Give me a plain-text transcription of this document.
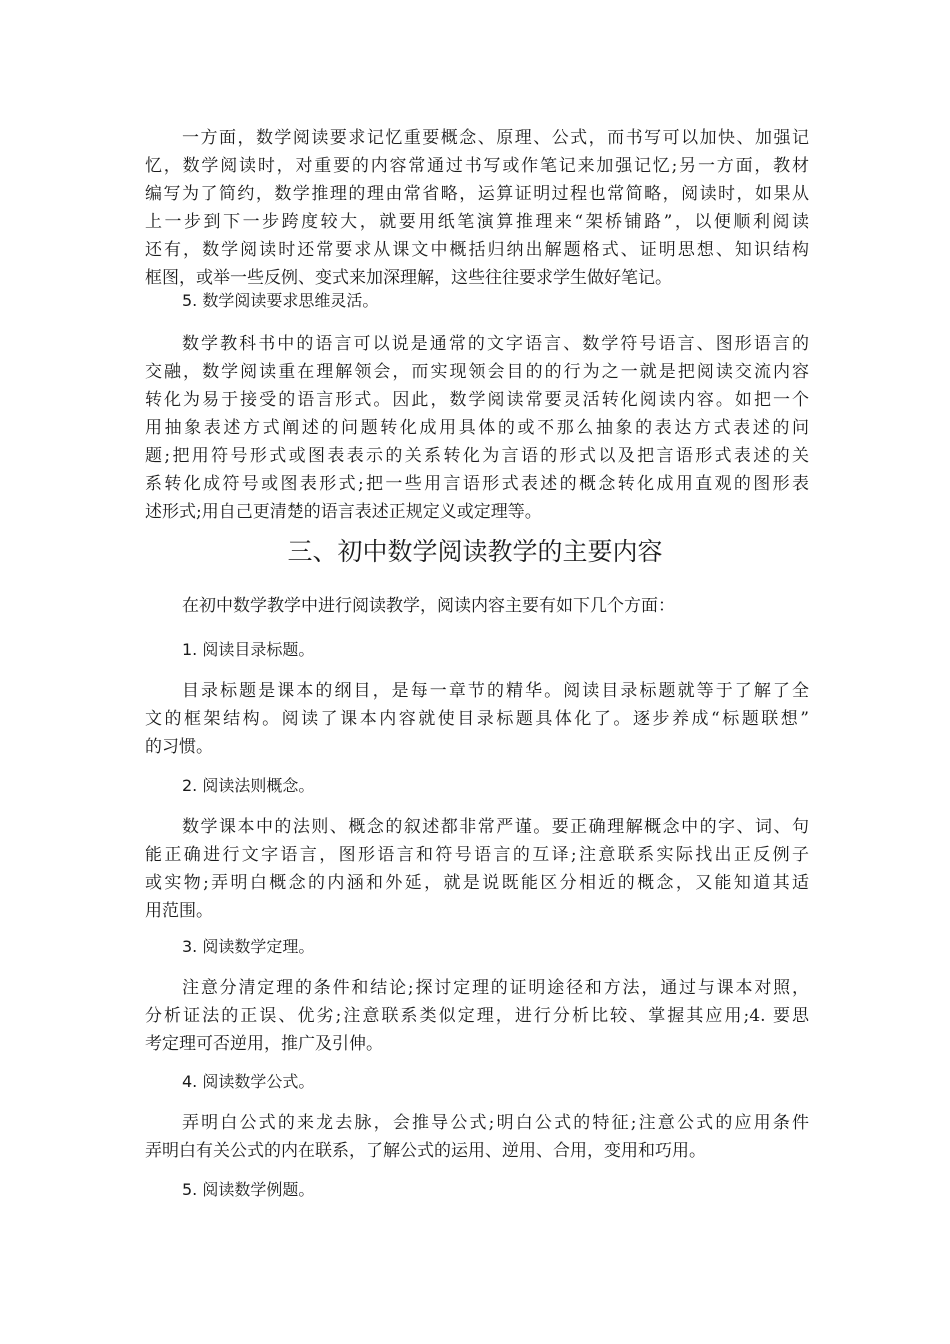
一方面，数学阅读要求记忆重要概念、原理、公式，而书写可以加快、加强记
忆，数学阅读时，对重要的内容常通过书写或作笔记来加强记忆;另一方面，教材
编写为了简约，数学推理的理由常省略，运算证明过程也常简略，阅读时，如果从
上一步到下一步跨度较大，就要用纸笔演算推理来“架桥铺路”，以便顺利阅读
还有，数学阅读时还常要求从课文中概括归纳出解题格式、证明思想、知识结构
框图，或举一些反例、变式来加深理解，这些往往要求学生做好笔记。
5. 数学阅读要求思维灵活。
数学教科书中的语言可以说是通常的文字语言、数学符号语言、图形语言的
交融，数学阅读重在理解领会，而实现领会目的的行为之一就是把阅读交流内容
转化为易于接受的语言形式。因此，数学阅读常要灵活转化阅读内容。如把一个
用抽象表述方式阐述的问题转化成用具体的或不那么抽象的表达方式表述的问
题;把用符号形式或图表表示的关系转化为言语的形式以及把言语形式表述的关
系转化成符号或图表形式;把一些用言语形式表述的概念转化成用直观的图形表
述形式;用自己更清楚的语言表述正规定义或定理等。
三、初中数学阅读教学的主要内容
在初中数学教学中进行阅读教学，阅读内容主要有如下几个方面：
1. 阅读目录标题。
目录标题是课本的纲目，是每一章节的精华。阅读目录标题就等于了解了全
文的框架结构。阅读了课本内容就使目录标题具体化了。逐步养成“标题联想”
的习惯。
2. 阅读法则概念。
数学课本中的法则、概念的叙述都非常严谨。要正确理解概念中的字、词、句
能正确进行文字语言，图形语言和符号语言的互译;注意联系实际找出正反例子
或实物;弄明白概念的内涵和外延，就是说既能区分相近的概念，又能知道其适
用范围。
3. 阅读数学定理。
注意分清定理的条件和结论;探讨定理的证明途径和方法，通过与课本对照，
分析证法的正误、优劣;注意联系类似定理，进行分析比较、掌握其应用;4. 要思
考定理可否逆用，推广及引伸。
4. 阅读数学公式。
弄明白公式的来龙去脉，会推导公式;明白公式的特征;注意公式的应用条件
弄明白有关公式的内在联系，了解公式的运用、逆用、合用，变用和巧用。
5. 阅读数学例题。
